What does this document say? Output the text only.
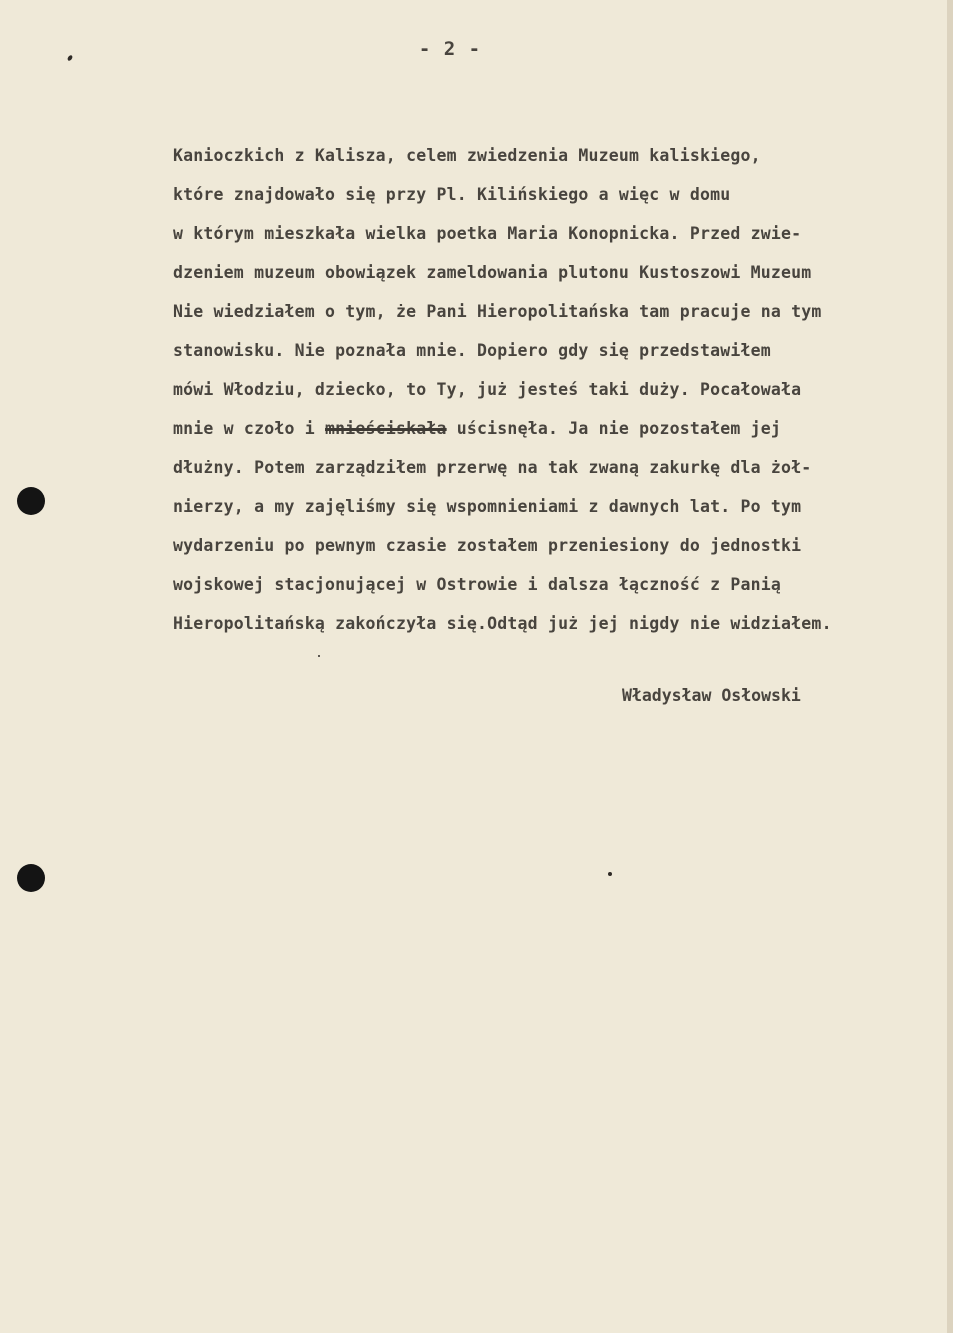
- 2 -
Kanioczkich z Kalisza, celem zwiedzenia Muzeum kaliskiego,
które znajdowało się przy Pl. Kilińskiego a więc w domu
w którym mieszkała wielka poetka Maria Konopnicka. Przed zwie-
dzeniem muzeum obowiązek zameldowania plutonu Kustoszowi Muzeum
Nie wiedziałem o tym, że Pani Hieropolitańska tam pracuje na tym
stanowisku. Nie poznała mnie. Dopiero gdy się przedstawiłem
mówi Włodziu, dziecko, to Ty, już jesteś taki duży. Pocałowała
mnie w czoło i mnieściskała uścisnęła. Ja nie pozostałem jej
dłużny. Potem zarządziłem przerwę na tak zwaną zakurkę dla żoł-
nierzy, a my zajęliśmy się wspomnieniami z dawnych lat. Po tym
wydarzeniu po pewnym czasie zostałem przeniesiony do jednostki
wojskowej stacjonującej w Ostrowie i dalsza łączność z Panią
Hieropolitańską zakończyła się.Odtąd już jej nigdy nie widziałem.
Władysław Osłowski
